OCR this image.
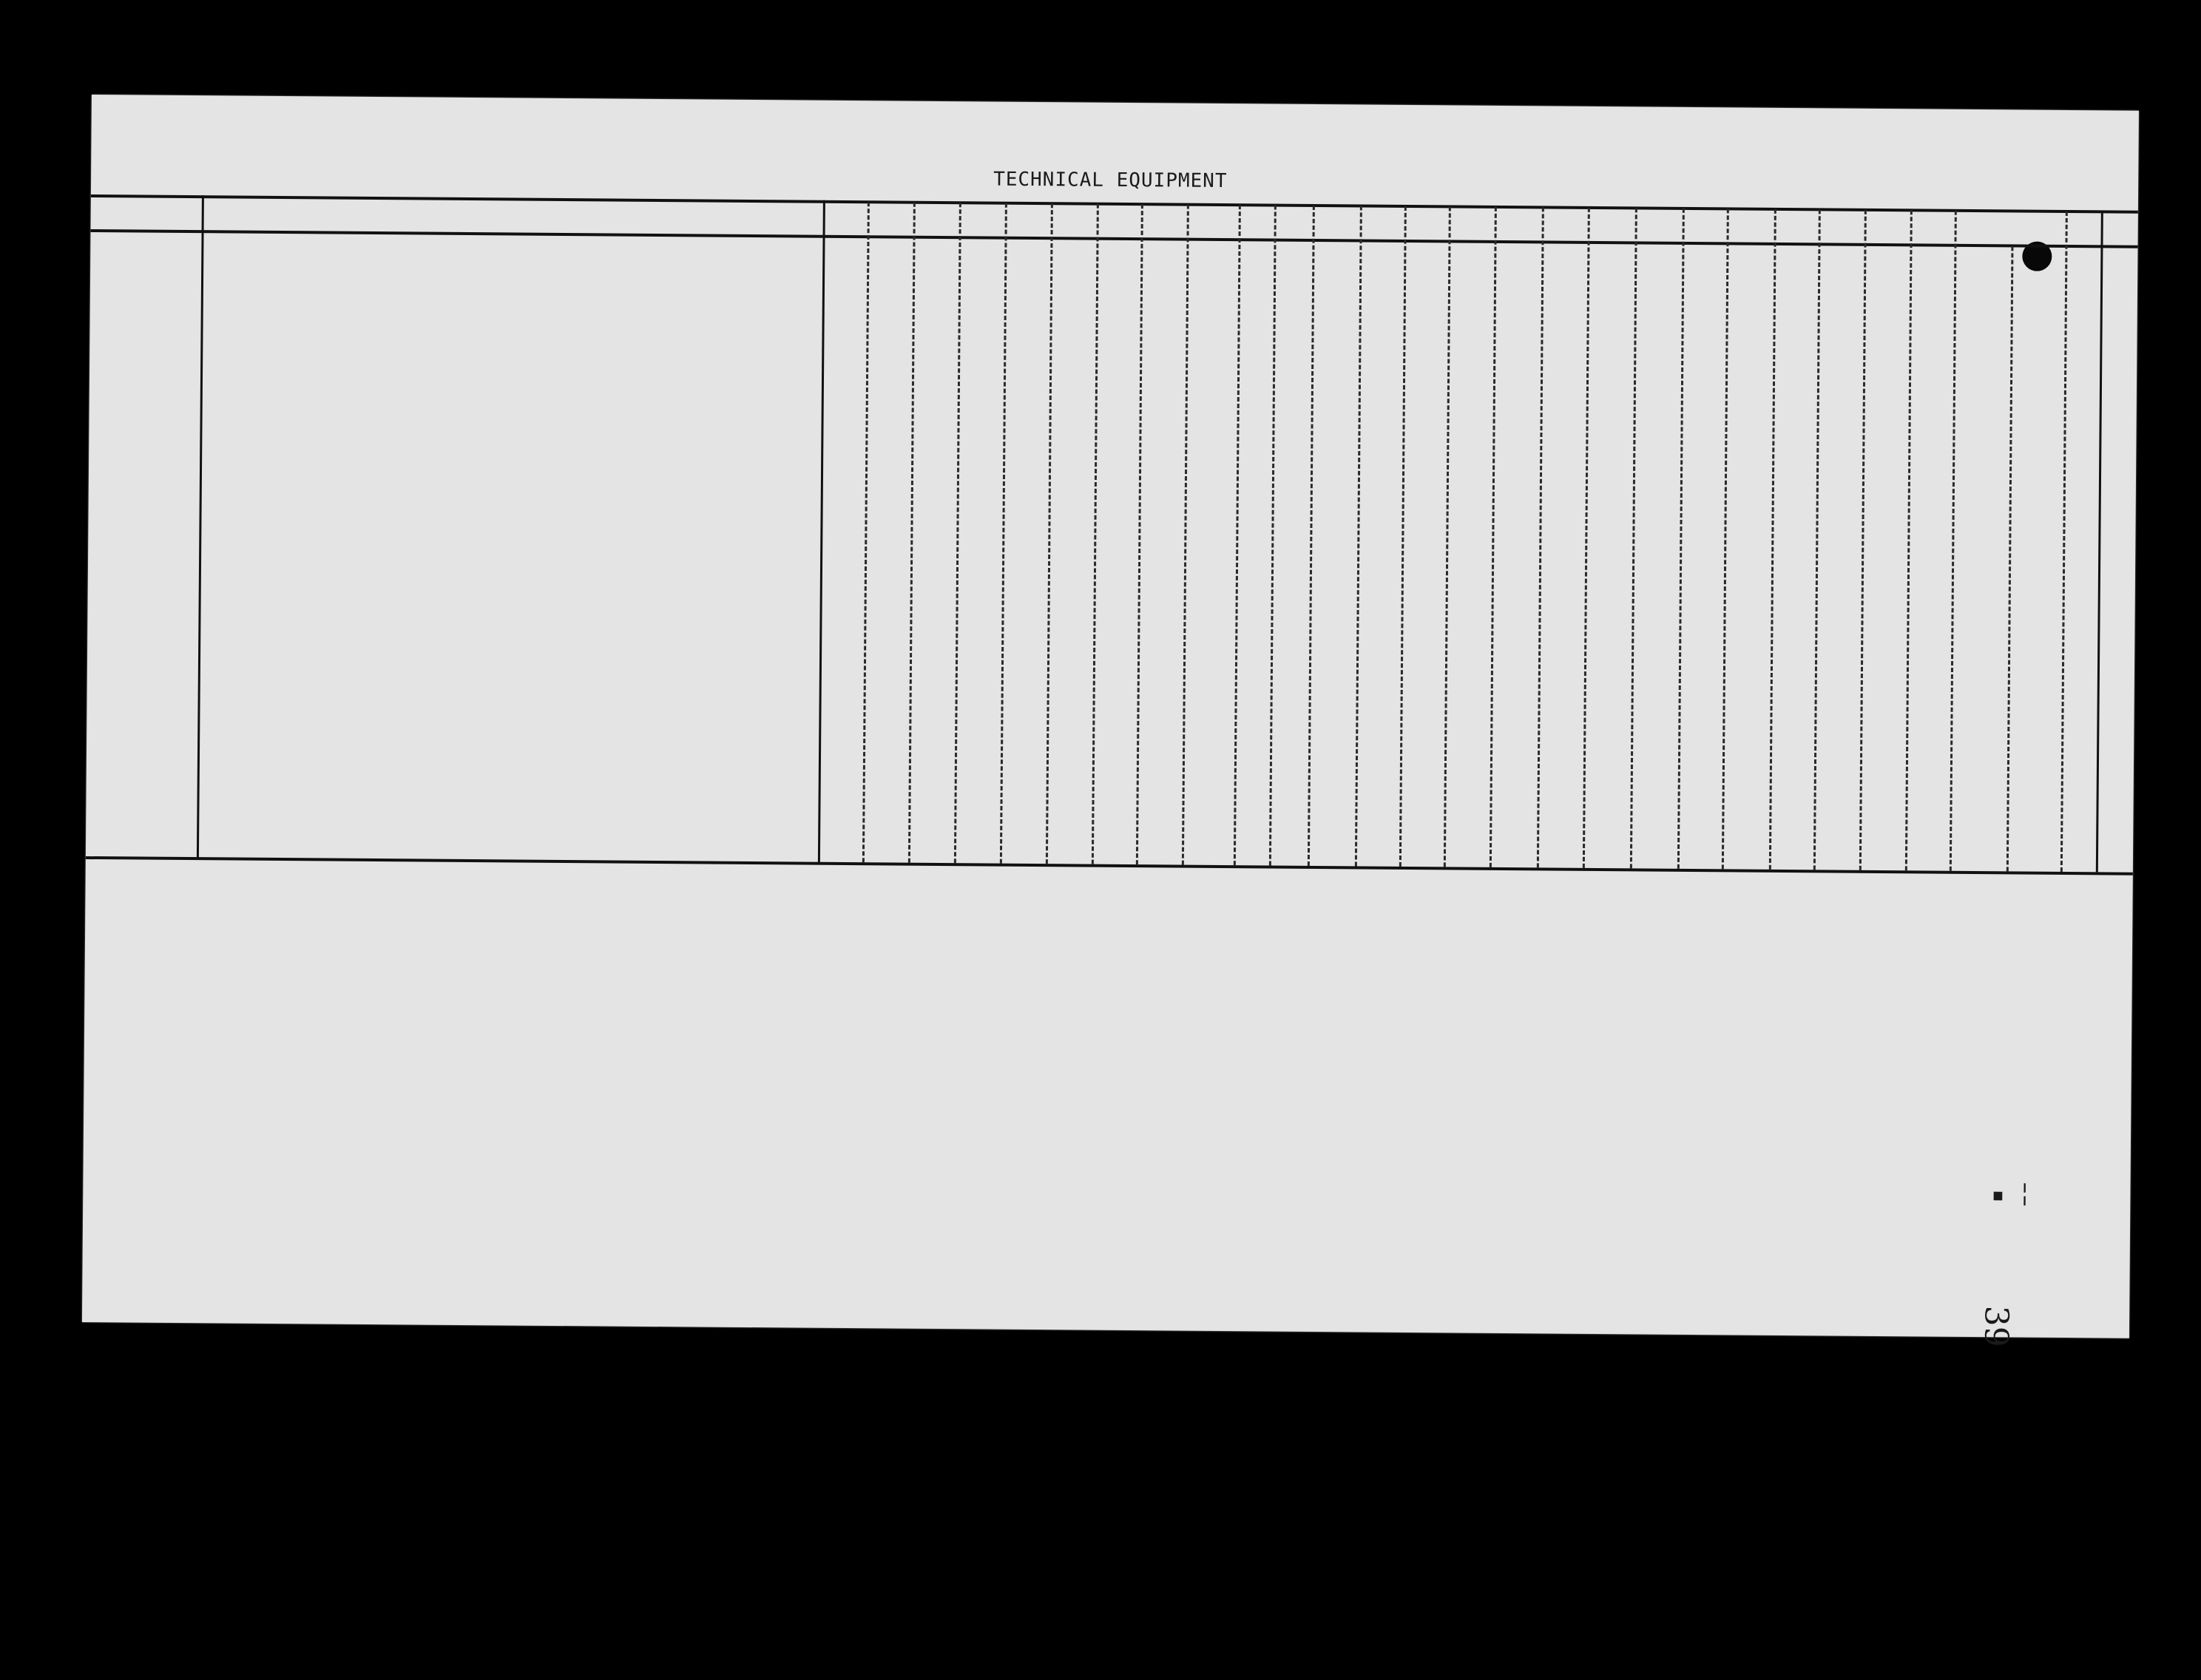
TECHNICAL EQUIPMENT
39
▪ ╎
